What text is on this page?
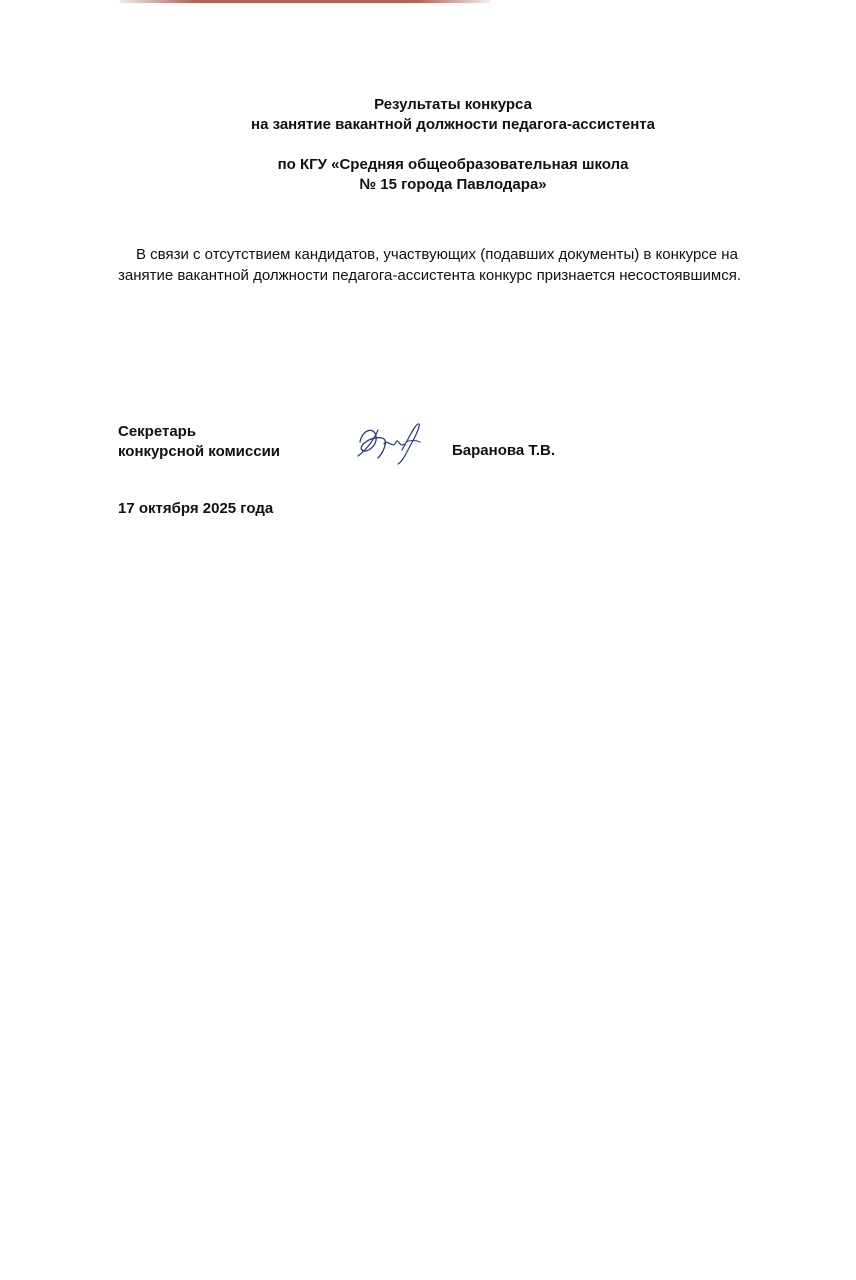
Результаты конкурса
на занятие вакантной должности педагога-ассистента
по КГУ «Средняя общеобразовательная школа
№ 15 города Павлодара»
В связи с отсутствием кандидатов, участвующих (подавших документы) в конкурсе на
занятие вакантной должности педагога-ассистента конкурс признается несостоявшимся.
Секретарь
конкурсной комиссии	Баранова Т.В.
17 октября 2025 года
